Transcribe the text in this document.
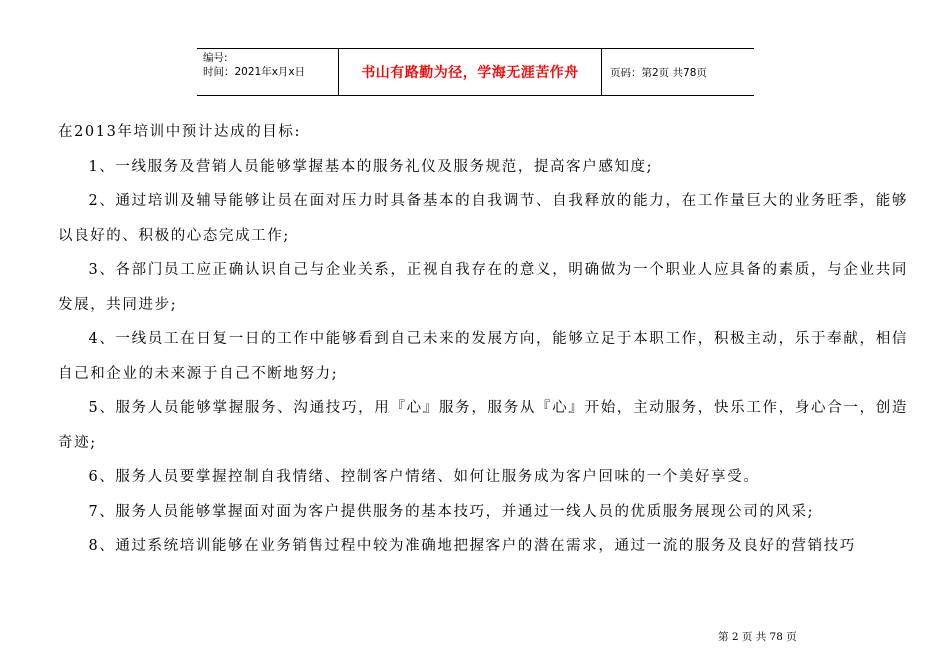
编号:
时间：2021年x月x日	书山有路勤为径，学海无涯苦作舟	页码：第2页 共78页

在2013年培训中预计达成的目标:

1、一线服务及营销人员能够掌握基本的服务礼仪及服务规范，提高客户感知度;

2、通过培训及辅导能够让员在面对压力时具备基本的自我调节、自我释放的能力，在工作量巨大的业务旺季，能够以良好的、积极的心态完成工作;

3、各部门员工应正确认识自己与企业关系，正视自我存在的意义，明确做为一个职业人应具备的素质，与企业共同发展，共同进步;

4、一线员工在日复一日的工作中能够看到自己未来的发展方向，能够立足于本职工作，积极主动，乐于奉献，相信自己和企业的未来源于自己不断地努力;

5、服务人员能够掌握服务、沟通技巧，用『心』服务，服务从『心』开始，主动服务，快乐工作，身心合一，创造奇迹;

6、服务人员要掌握控制自我情绪、控制客户情绪、如何让服务成为客户回味的一个美好享受。

7、服务人员能够掌握面对面为客户提供服务的基本技巧，并通过一线人员的优质服务展现公司的风采;

8、通过系统培训能够在业务销售过程中较为准确地把握客户的潜在需求，通过一流的服务及良好的营销技巧

第 2 页 共 78 页
